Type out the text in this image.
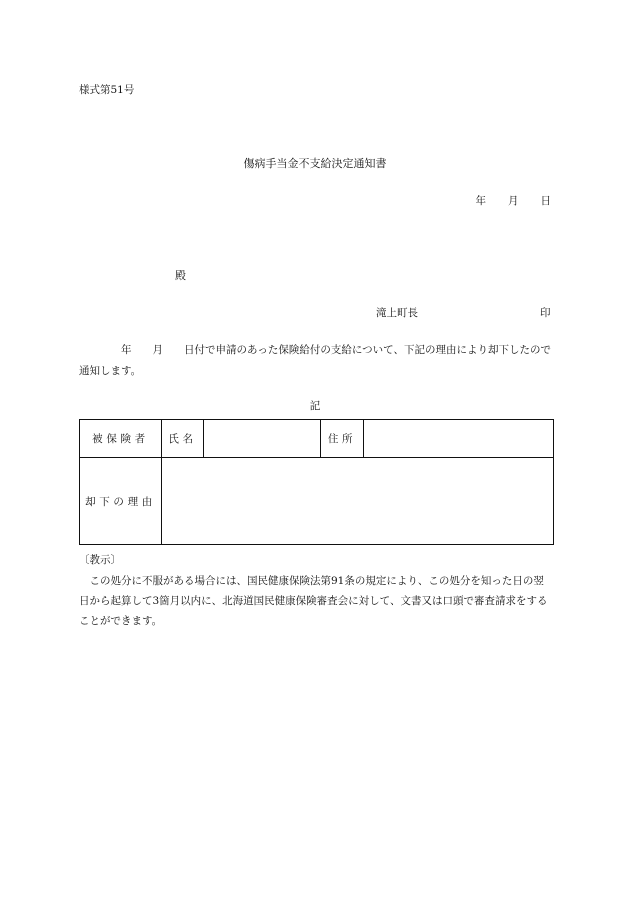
様式第51号
傷病手当金不支給決定通知書
年 月 日
殿
滝上町長	印
　　　　年　　月　　日付で申請のあった保険給付の支給について、下記の理由により却下したので通知します。
記
被保険者	氏名		住所	
却下の理由				
〔教示〕
この処分に不服がある場合には、国民健康保険法第91条の規定により、この処分を知った日の翌日から起算して3箇月以内に、北海道国民健康保険審査会に対して、文書又は口頭で審査請求をすることができます。
